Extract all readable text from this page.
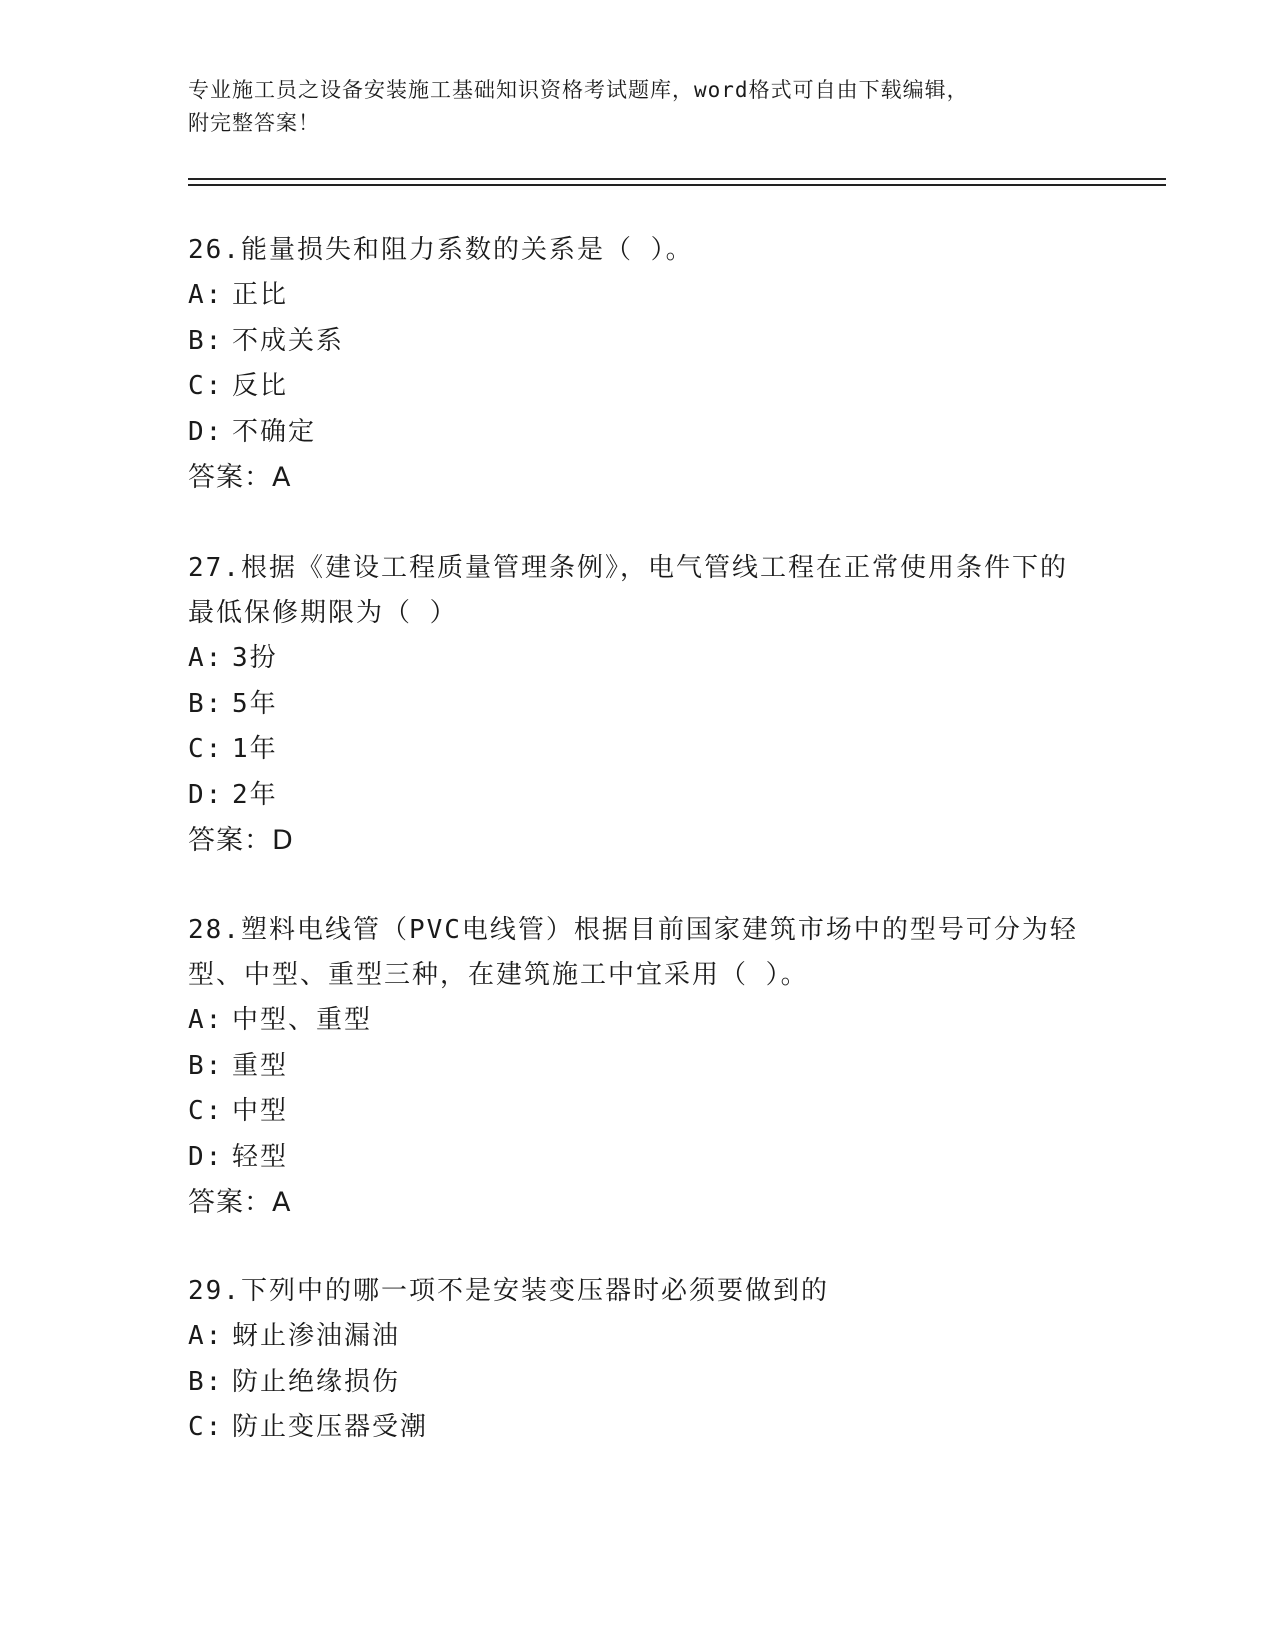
专业施工员之设备安装施工基础知识资格考试题库，word格式可自由下载编辑，
附完整答案！

26.能量损失和阻力系数的关系是（ ）。

A: 正比

B: 不成关系

C: 反比

D: 不确定

答案：A

27.根据《建设工程质量管理条例》，电气管线工程在正常使用条件下的最低保修期限为（ ）

A: 3扮

B: 5年

C: 1年

D: 2年

答案：D

28.塑料电线管（PVC电线管）根据目前国家建筑市场中的型号可分为轻型、中型、重型三种，在建筑施工中宜采用（ ）。

A: 中型、重型

B: 重型

C: 中型

D: 轻型

答案：A

29.下列中的哪一项不是安装变压器时必须要做到的

A: 蚜止渗油漏油

B: 防止绝缘损伤

C: 防止变压器受潮
